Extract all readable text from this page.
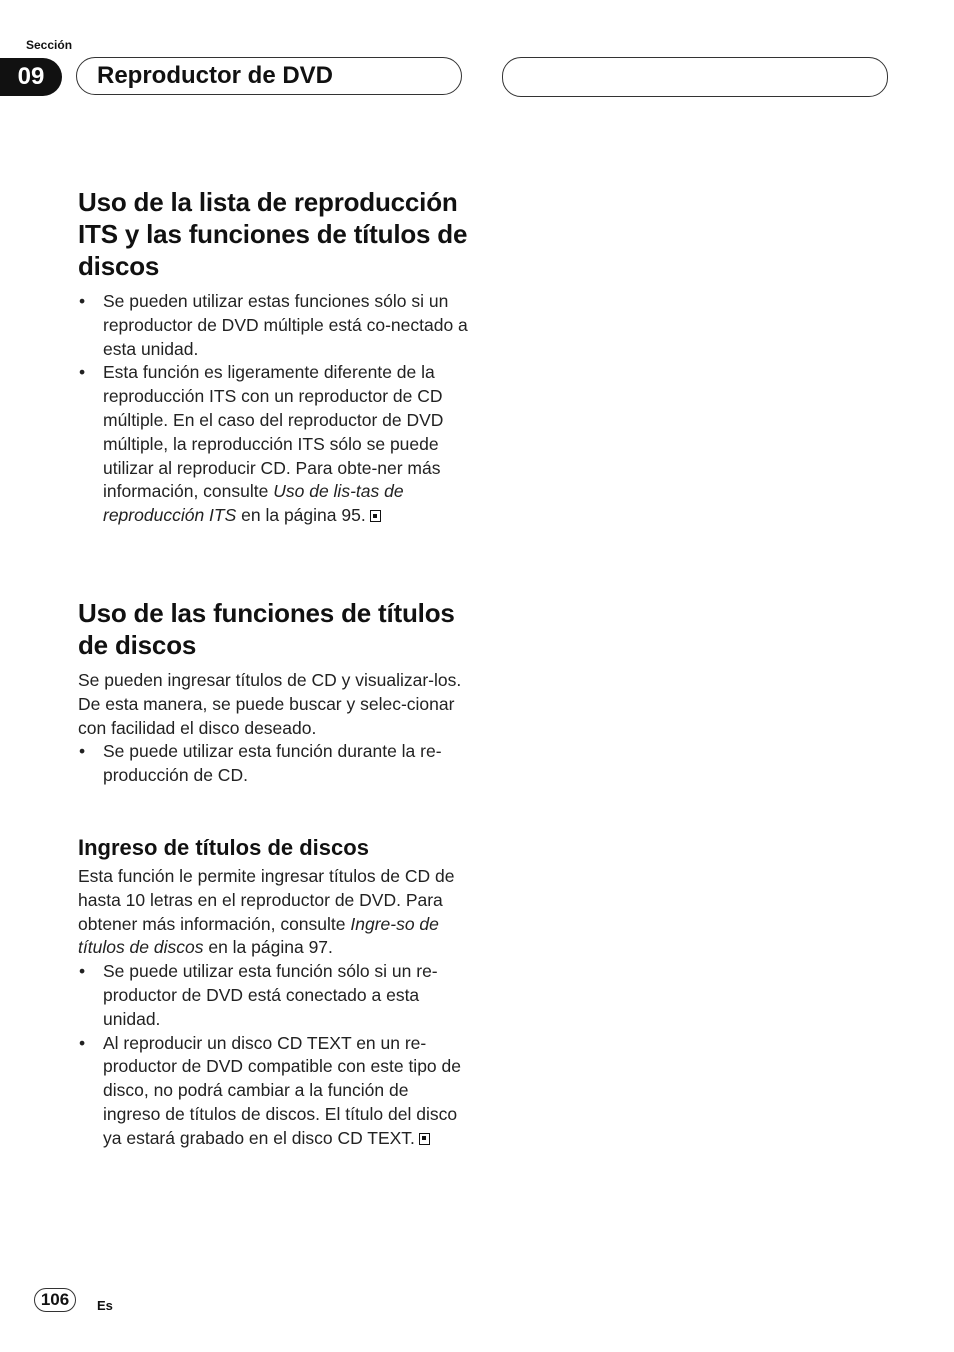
Sección
09	Reproductor de DVD
Uso de la lista de reproducción ITS y las funciones de títulos de discos
• Se pueden utilizar estas funciones sólo si un reproductor de DVD múltiple está co-nectado a esta unidad.
• Esta función es ligeramente diferente de la reproducción ITS con un reproductor de CD múltiple. En el caso del reproductor de DVD múltiple, la reproducción ITS sólo se puede utilizar al reproducir CD. Para obte-ner más información, consulte Uso de lis-tas de reproducción ITS en la página 95.
Uso de las funciones de títulos de discos

Se pueden ingresar títulos de CD y visualizar-los. De esta manera, se puede buscar y selec-cionar con facilidad el disco deseado.

• Se puede utilizar esta función durante la re-producción de CD.
Ingreso de títulos de discos

Esta función le permite ingresar títulos de CD de hasta 10 letras en el reproductor de DVD. Para obtener más información, consulte Ingre-so de títulos de discos en la página 97.

• Se puede utilizar esta función sólo si un re-productor de DVD está conectado a esta unidad.
• Al reproducir un disco CD TEXT en un re-productor de DVD compatible con este tipo de disco, no podrá cambiar a la función de ingreso de títulos de discos. El título del disco ya estará grabado en el disco CD TEXT.
106	Es
